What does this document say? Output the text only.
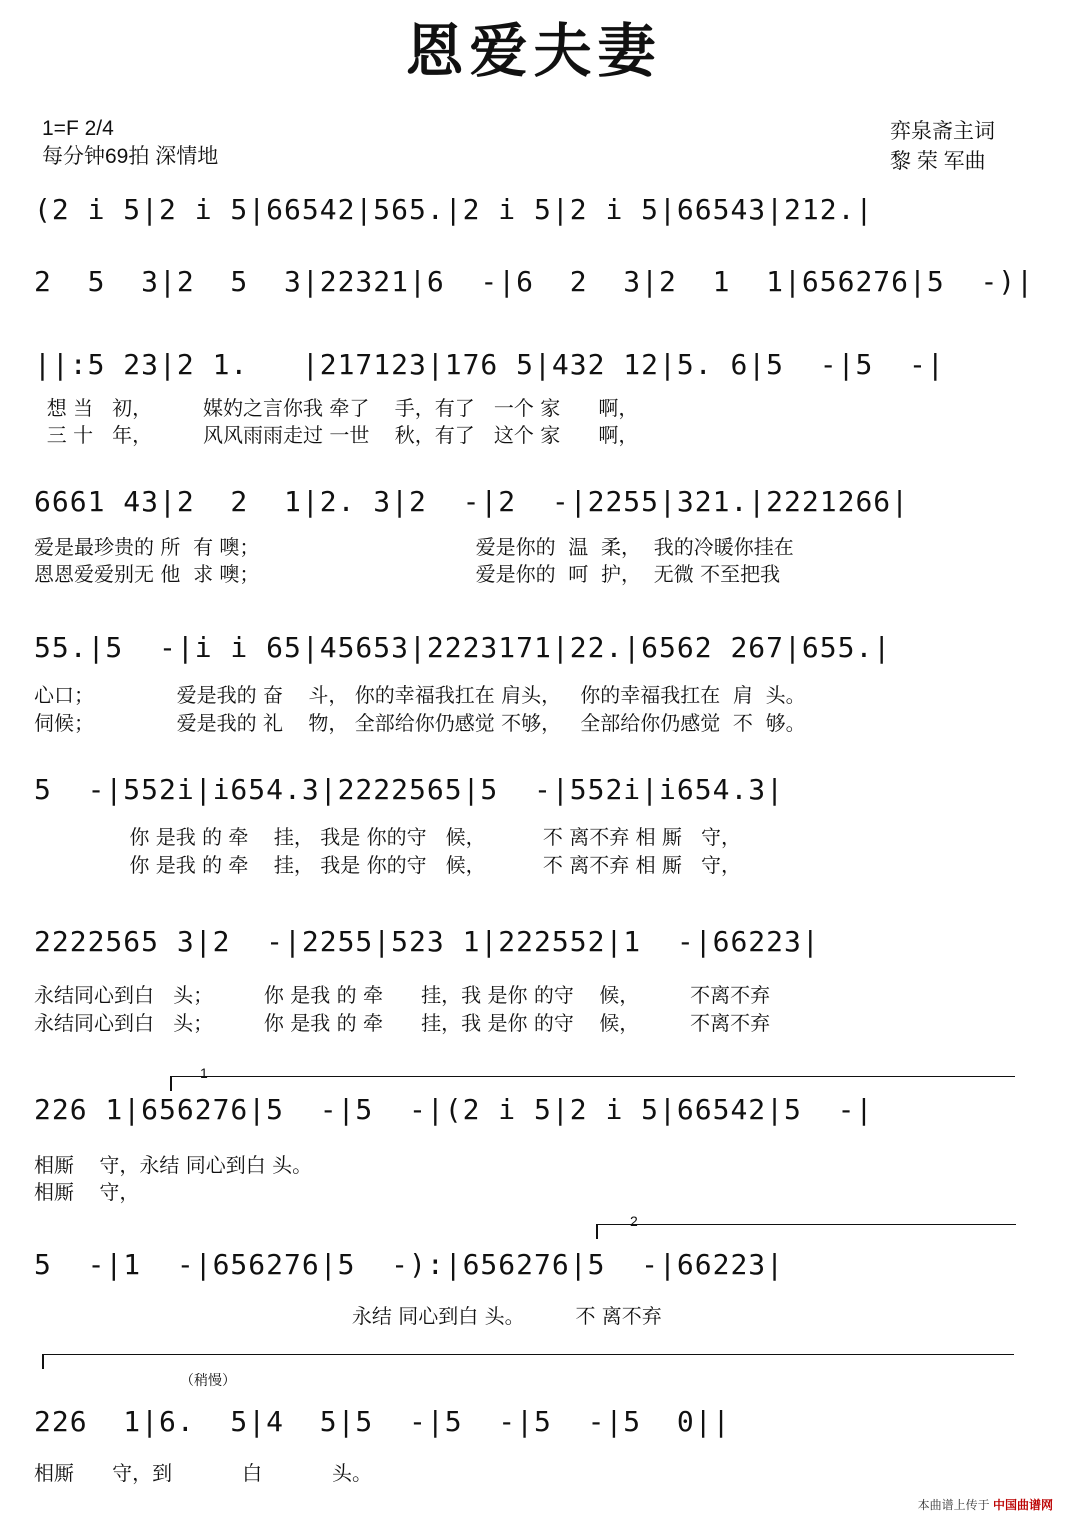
恩爱夫妻
1=F 2/4
每分钟69拍 深情地
弈泉斋主词
黎 荣 军曲
(2 i 5|2 i 5|66542|565.|2 i 5|2 i 5|66543|212.|
2  5  3|2  5  3|22321|6  -|6  2  3|2  1  1|656276|5  -)|
||:5 23|2 1.   |217123|176 5|432 12|5. 6|5  -|5  -|
想 当   初，        媒妁之言你我 牵了    手，有了   一个 家      啊，
三 十   年，        风风雨雨走过 一世    秋，有了   这个 家      啊，
6661 43|2  2  1|2. 3|2  -|2  -|2255|321.|2221266|
爱是最珍贵的 所  有 噢；                                  爱是你的  温  柔，  我的冷暖你挂在
恩恩爱爱别无 他  求 噢；                                  爱是你的  呵  护，  无微 不至把我
55.|5  -|i i 65|45653|2223171|22.|6562 267|655.|
心口；             爱是我的 奋    斗， 你的幸福我扛在 肩头，   你的幸福我扛在  肩  头。
伺候；             爱是我的 礼    物， 全部给你仍感觉 不够，   全部给你仍感觉  不  够。
5  -|552i|i654.3|2222565|5  -|552i|i654.3|
你 是我 的 牵    挂， 我是 你的守   候，         不 离不弃 相 厮   守，
你 是我 的 牵    挂， 我是 你的守   候，         不 离不弃 相 厮   守，
2222565 3|2  -|2255|523 1|222552|1  -|66223|
永结同心到白   头；        你 是我 的 牵      挂，我 是你 的守    候，        不离不弃
永结同心到白   头；        你 是我 的 牵      挂，我 是你 的守    候，        不离不弃
1
226 1|656276|5  -|5  -|(2 i 5|2 i 5|66542|5  -|
相厮    守，永结 同心到白 头。
相厮    守，
2
5  -|1  -|656276|5  -):|656276|5  -|66223|
永结 同心到白 头。        不 离不弃
（稍慢）
226  1|6.  5|4  5|5  -|5  -|5  -|5  0||
相厮      守，到           白           头。
本曲谱上传于 中国曲谱网
